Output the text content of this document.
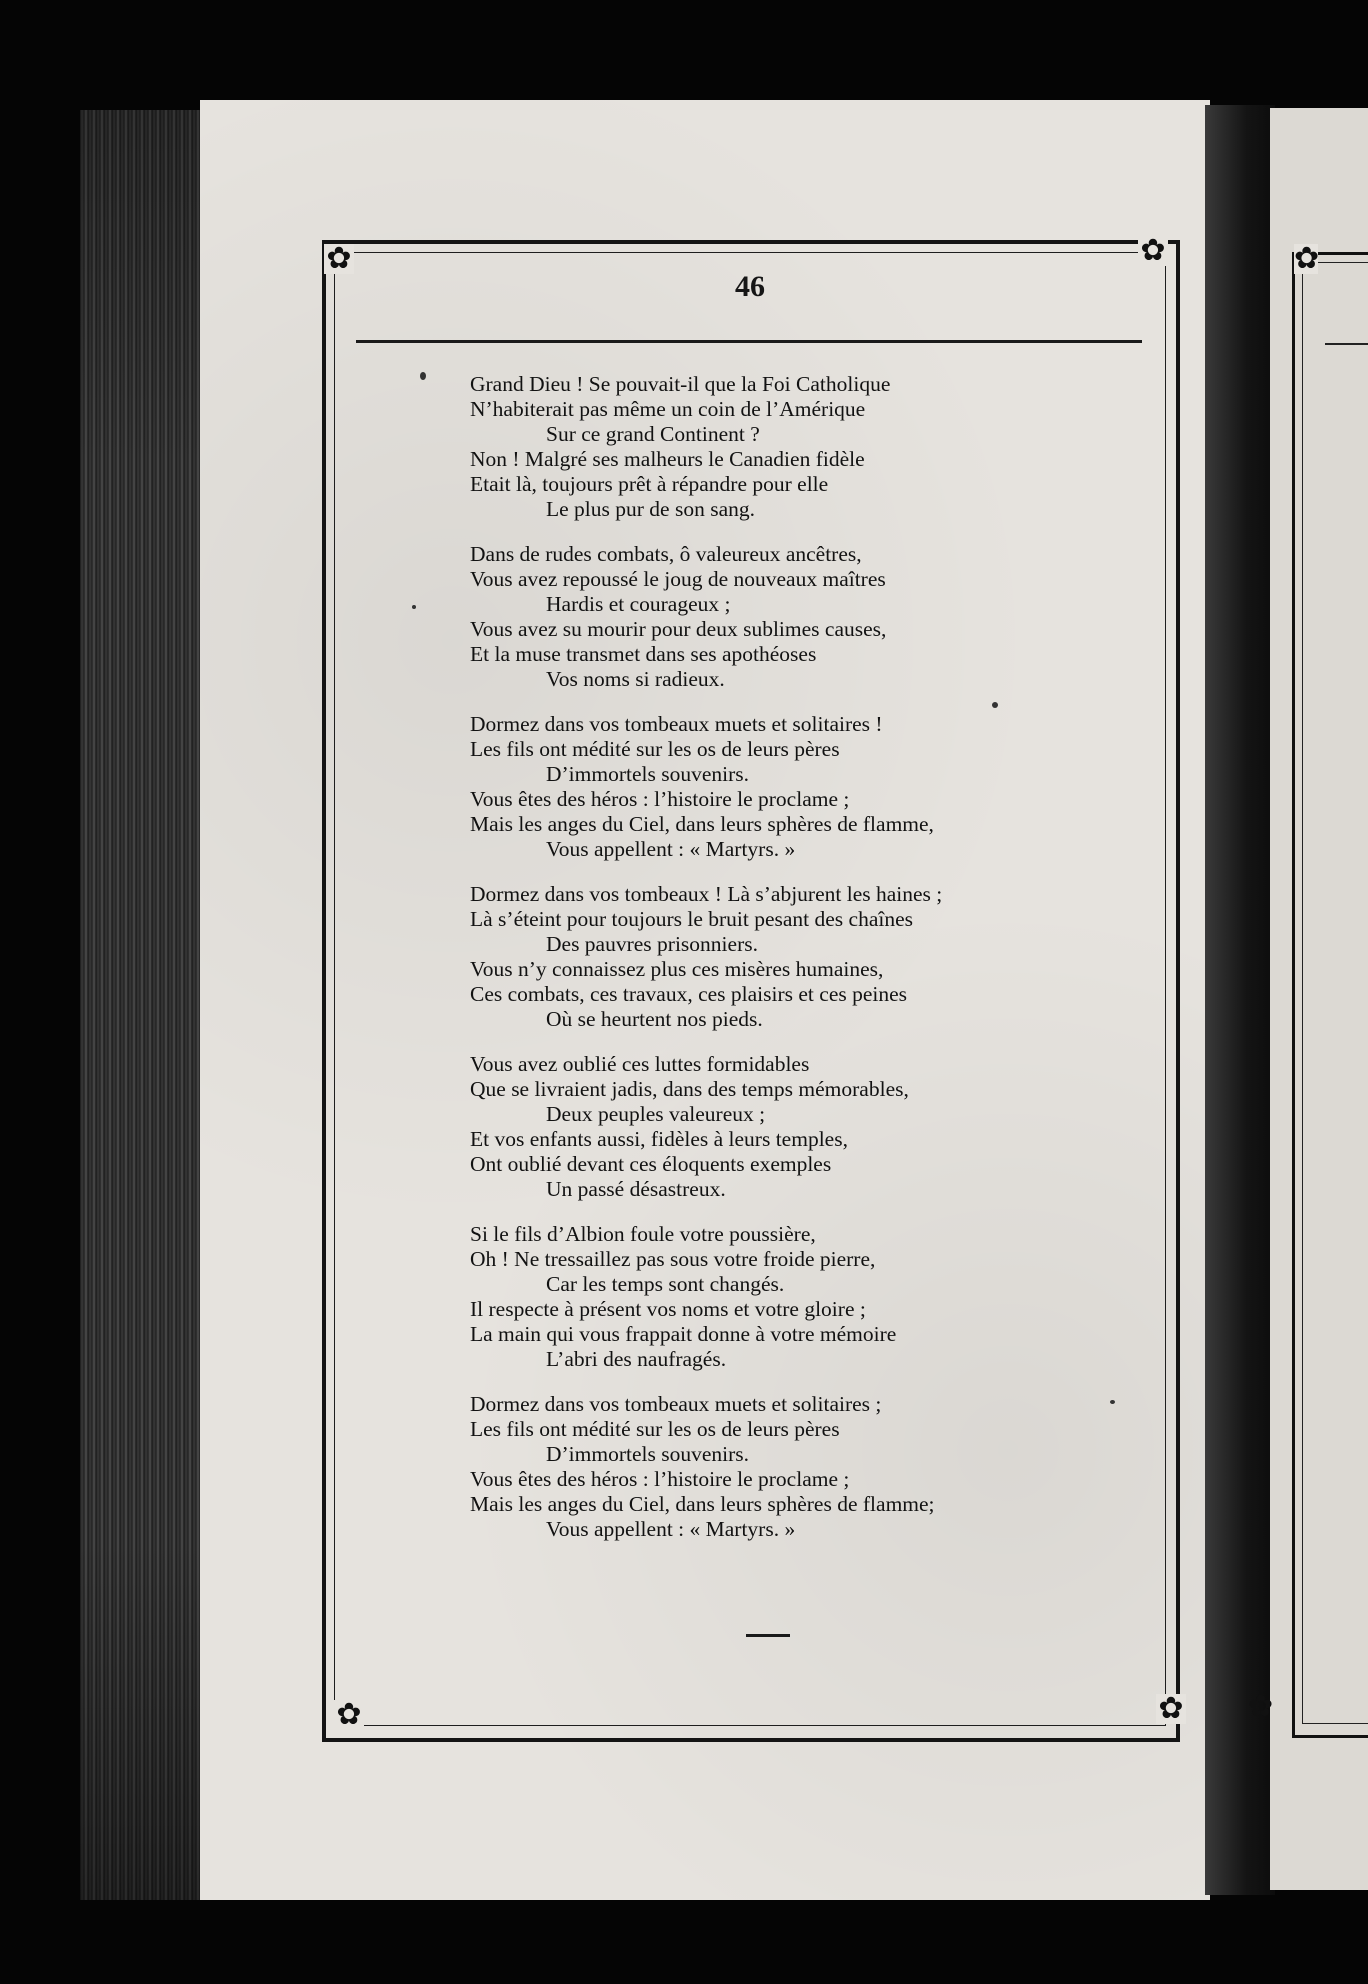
✿	✿
✿	✿
✿
✿
46
Grand Dieu ! Se pouvait-il que la Foi Catholique
N’habiterait pas même un coin de l’Amérique
Sur ce grand Continent ?
Non ! Malgré ses malheurs le Canadien fidèle
Etait là, toujours prêt à répandre pour elle
Le plus pur de son sang.
Dans de rudes combats, ô valeureux ancêtres,
Vous avez repoussé le joug de nouveaux maîtres
Hardis et courageux ;
Vous avez su mourir pour deux sublimes causes,
Et la muse transmet dans ses apothéoses
Vos noms si radieux.
Dormez dans vos tombeaux muets et solitaires !
Les fils ont médité sur les os de leurs pères
D’immortels souvenirs.
Vous êtes des héros : l’histoire le proclame ;
Mais les anges du Ciel, dans leurs sphères de flamme,
Vous appellent : « Martyrs. »
Dormez dans vos tombeaux ! Là s’abjurent les haines ;
Là s’éteint pour toujours le bruit pesant des chaînes
Des pauvres prisonniers.
Vous n’y connaissez plus ces misères humaines,
Ces combats, ces travaux, ces plaisirs et ces peines
Où se heurtent nos pieds.
Vous avez oublié ces luttes formidables
Que se livraient jadis, dans des temps mémorables,
Deux peuples valeureux ;
Et vos enfants aussi, fidèles à leurs temples,
Ont oublié devant ces éloquents exemples
Un passé désastreux.
Si le fils d’Albion foule votre poussière,
Oh ! Ne tressaillez pas sous votre froide pierre,
Car les temps sont changés.
Il respecte à présent vos noms et votre gloire ;
La main qui vous frappait donne à votre mémoire
L’abri des naufragés.
Dormez dans vos tombeaux muets et solitaires ;
Les fils ont médité sur les os de leurs pères
D’immortels souvenirs.
Vous êtes des héros : l’histoire le proclame ;
Mais les anges du Ciel, dans leurs sphères de flamme;
Vous appellent : « Martyrs. »
